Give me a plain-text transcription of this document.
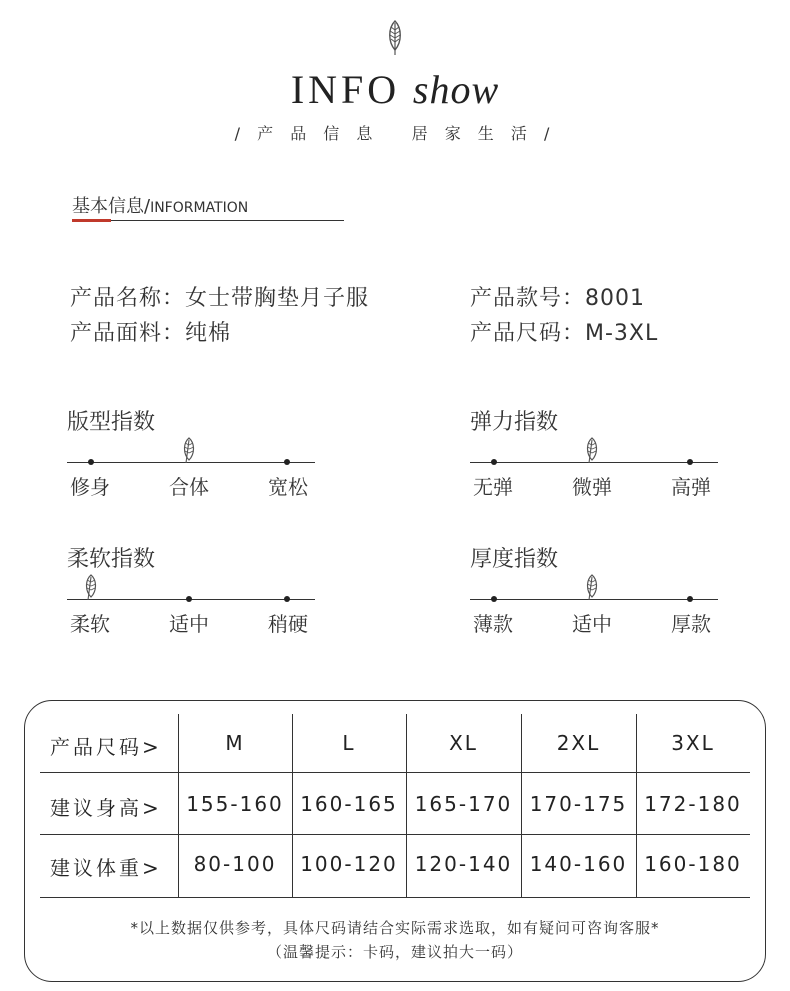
INFO show
/ 产 品 信 息   居 家 生 活 /
基本信息/INFORMATION
产品名称：女士带胸垫月子服	产品款号：8001
产品面料：纯棉	产品尺码：M-3XL
版型指数
修身	合体	宽松
弹力指数
无弹	微弹	高弹
柔软指数
柔软	适中	稍硬
厚度指数
薄款	适中	厚款
产品尺码>	M	L	XL	2XL	3XL
建议身高>	155-160 160-165 165-170 170-175 172-180
建议体重>	80-100	100-120 120-140 140-160 160-180
*以上数据仅供参考，具体尺码请结合实际需求选取，如有疑问可咨询客服*
（温馨提示：卡码，建议拍大一码）
